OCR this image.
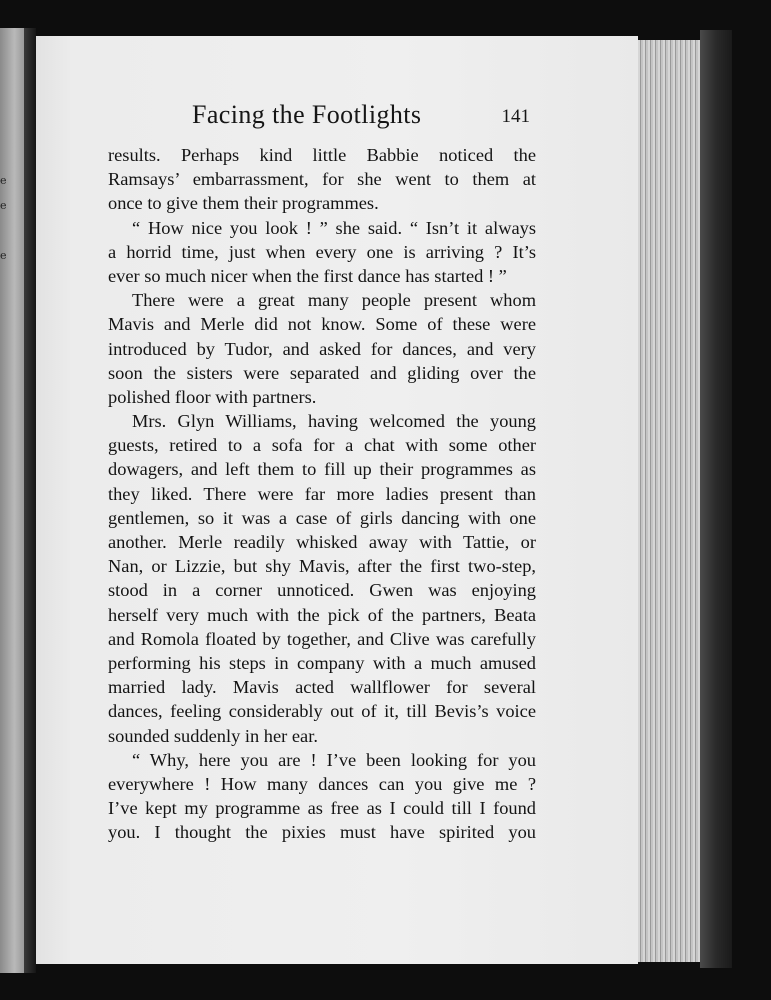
e
e

e
Facing the Footlights	141
results. Perhaps kind little Babbie noticed the
Ramsays’ embarrassment, for she went to them at
once to give them their programmes.
“ How nice you look ! ” she said. “ Isn’t it always
a horrid time, just when every one is arriving ? It’s
ever so much nicer when the first dance has started ! ”
There were a great many people present whom
Mavis and Merle did not know. Some of these were
introduced by Tudor, and asked for dances, and very
soon the sisters were separated and gliding over the
polished floor with partners.
Mrs. Glyn Williams, having welcomed the young
guests, retired to a sofa for a chat with some other
dowagers, and left them to fill up their programmes as
they liked. There were far more ladies present than
gentlemen, so it was a case of girls dancing with one
another. Merle readily whisked away with Tattie, or
Nan, or Lizzie, but shy Mavis, after the first two-step,
stood in a corner unnoticed. Gwen was enjoying
herself very much with the pick of the partners, Beata
and Romola floated by together, and Clive was carefully
performing his steps in company with a much amused
married lady. Mavis acted wallflower for several
dances, feeling considerably out of it, till Bevis’s voice
sounded suddenly in her ear.
“ Why, here you are ! I’ve been looking for you
everywhere ! How many dances can you give me ?
I’ve kept my programme as free as I could till I found
you. I thought the pixies must have spirited you
